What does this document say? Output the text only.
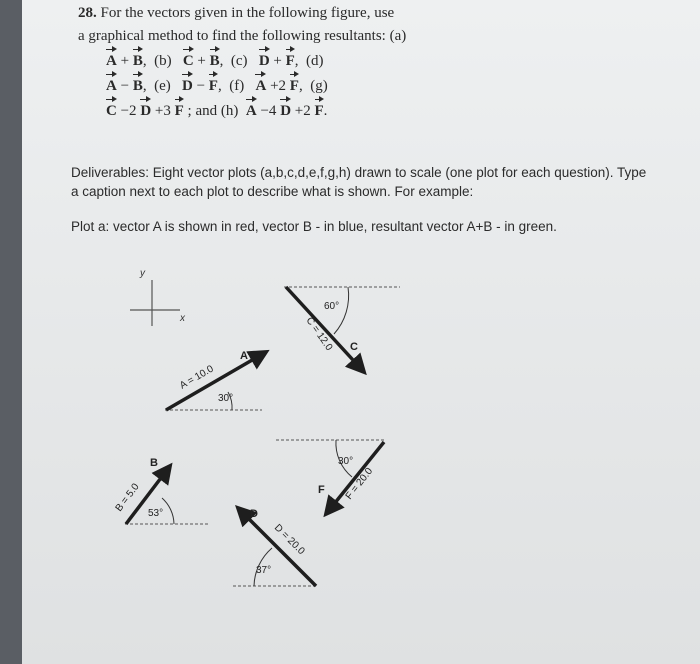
28. For the vectors given in the following figure, use
a graphical method to find the following resultants: (a)
A + B,  (b) C + B,  (c) D + F,  (d)
A − B,  (e) D − F,  (f) A +2 F,  (g)
C −2 D +3 F ; and (h) A −4 D +2 F.
Deliverables: Eight vector plots (a,b,c,d,e,f,g,h) drawn to scale (one plot for each question). Type a caption next to each plot to describe what is shown. For example:
Plot a: vector A is shown in red, vector B - in blue, resultant vector A+B - in green.
y
x
30°
A = 10.0
A
53°
B = 5.0
B
60°
C = 12.0 C
30°
F = 20.0
F
37°
D = 20.0
D
